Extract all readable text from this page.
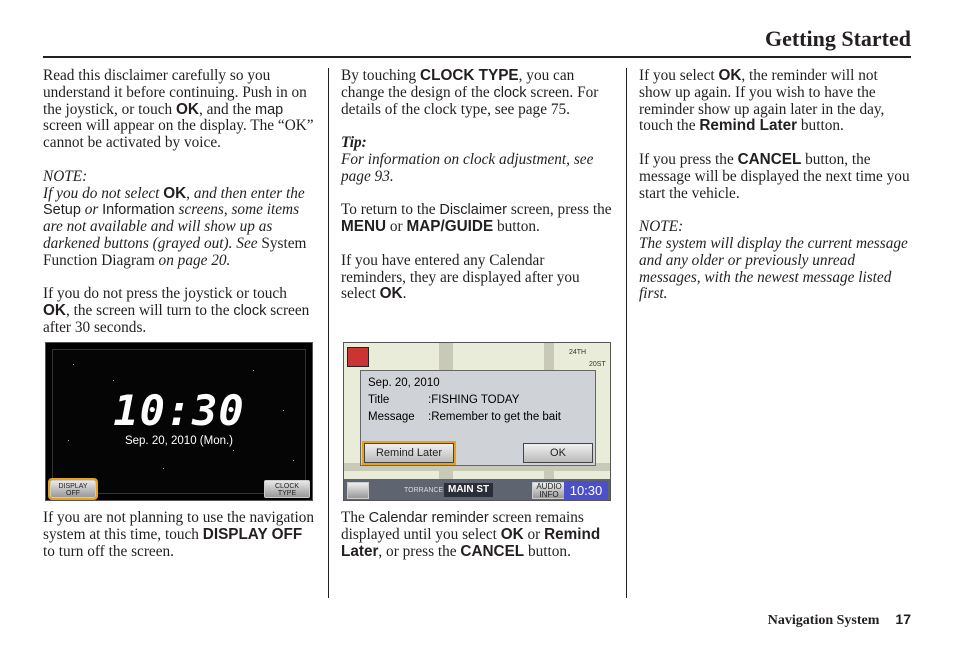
Getting Started

Read this disclaimer carefully so you understand it before continuing. Push in on the joystick, or touch OK, and the map screen will appear on the display. The “OK” cannot be activated by voice.

NOTE:

If you do not select OK, and then enter the Setup or Information screens, some items are not available and will show up as darkened buttons (grayed out). See System Function Diagram on page 20.

If you do not press the joystick or touch OK, the screen will turn to the clock screen after 30 seconds.

10:30
Sep. 20, 2010 (Mon.)
DISPLAY
OFF
CLOCK
TYPE
If you are not planning to use the navigation system at this time, touch DISPLAY OFF to turn off the screen.

By touching CLOCK TYPE, you can change the design of the clock screen. For details of the clock type, see page 75.

Tip:

For information on clock adjustment, see page 93.

To return to the Disclaimer screen, press the MENU or MAP/GUIDE button.

If you have entered any Calendar reminders, they are displayed after you select OK.

24TH
20ST
Sep. 20, 2010
Title	:FISHING TODAY
Message :Remember to get the bait
Remind Later	OK
TORRANCE MAIN ST	AUDIO
INFO 10:30
The Calendar reminder screen remains displayed until you select OK or Remind Later, or press the CANCEL button.

If you select OK, the reminder will not show up again. If you wish to have the reminder show up again later in the day, touch the Remind Later button.

If you press the CANCEL button, the message will be displayed the next time you start the vehicle.

NOTE:

The system will display the current message and any older or previously unread messages, with the newest message listed first.

Navigation System 17
